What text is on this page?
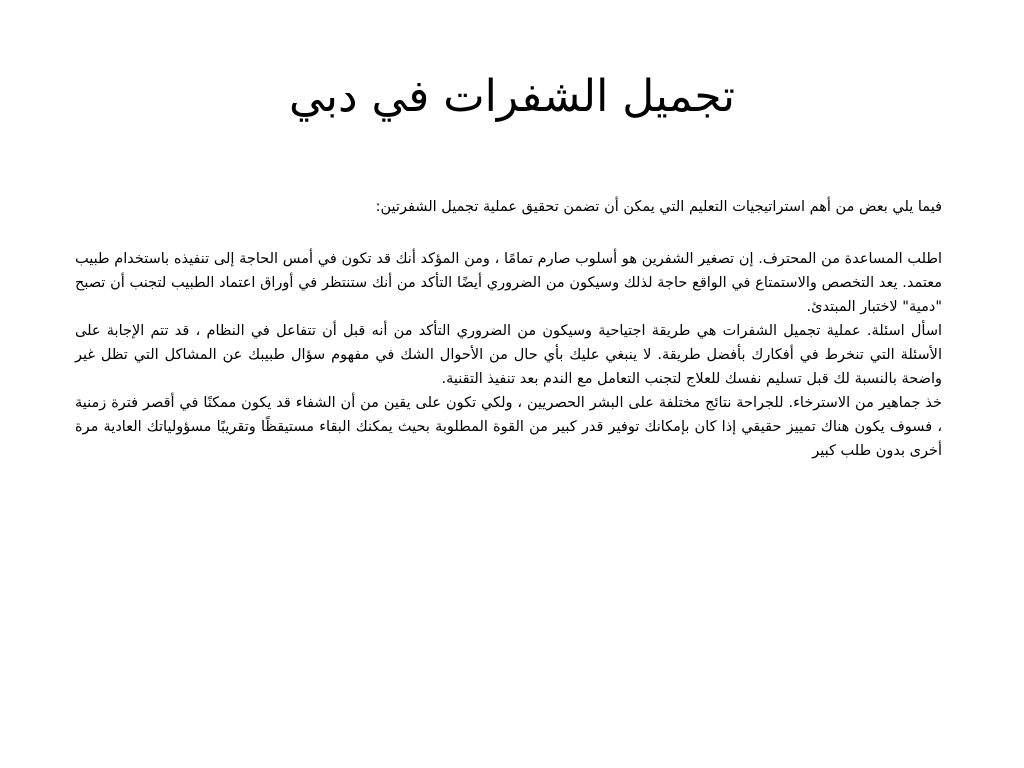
تجميل الشفرات في دبي

فيما يلي بعض من أهم استراتيجيات التعليم التي يمكن أن تضمن تحقيق عملية تجميل الشفرتين:

اطلب المساعدة من المحترف. إن تصغير الشفرين هو أسلوب صارم تمامًا ، ومن المؤكد أنك قد تكون في أمس الحاجة إلى تنفيذه باستخدام طبيب معتمد. يعد التخصص والاستمتاع في الواقع حاجة لذلك وسيكون من الضروري أيضًا التأكد من أنك ستنتظر في أوراق اعتماد الطبيب لتجنب أن تصبح "دمية" لاختبار المبتدئ.

اسأل اسئلة. عملية تجميل الشفرات هي طريقة اجتياحية وسيكون من الضروري التأكد من أنه قبل أن تتفاعل في النظام ، قد تتم الإجابة على الأسئلة التي تنخرط في أفكارك بأفضل طريقة. لا ينبغي عليك بأي حال من الأحوال الشك في مفهوم سؤال طبيبك عن المشاكل التي تظل غير واضحة بالنسبة لك قبل تسليم نفسك للعلاج لتجنب التعامل مع الندم بعد تنفيذ التقنية.

خذ جماهير من الاسترخاء. للجراحة نتائج مختلفة على البشر الحصريين ، ولكي تكون على يقين من أن الشفاء قد يكون ممكنًا في أقصر فترة زمنية ، فسوف يكون هناك تمييز حقيقي إذا كان بإمكانك توفير قدر كبير من القوة المطلوبة بحيث يمكنك البقاء مستيقظًا وتقريبًا مسؤولياتك العادية مرة أخرى بدون طلب كبير
